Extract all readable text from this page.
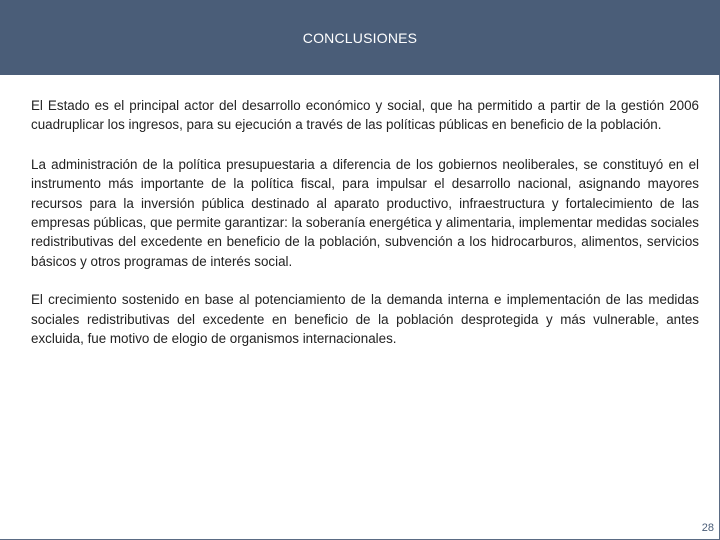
CONCLUSIONES

El Estado es el principal actor del desarrollo económico y social, que ha permitido a partir de la gestión 2006 cuadruplicar los ingresos, para su ejecución a través de las políticas públicas en beneficio de la población.

La administración de la política presupuestaria a diferencia de los gobiernos neoliberales, se constituyó en el instrumento más importante de la política fiscal, para impulsar el desarrollo nacional, asignando mayores recursos para la inversión pública destinado al aparato productivo, infraestructura y fortalecimiento de las empresas públicas, que permite garantizar: la soberanía energética y alimentaria, implementar medidas sociales redistributivas del excedente en beneficio de la población, subvención a los hidrocarburos, alimentos, servicios básicos y otros programas de interés social.

El crecimiento sostenido en base al potenciamiento de la demanda interna e implementación de las medidas sociales redistributivas del excedente en beneficio de la población desprotegida y más vulnerable, antes excluida, fue motivo de elogio de organismos internacionales.

28
